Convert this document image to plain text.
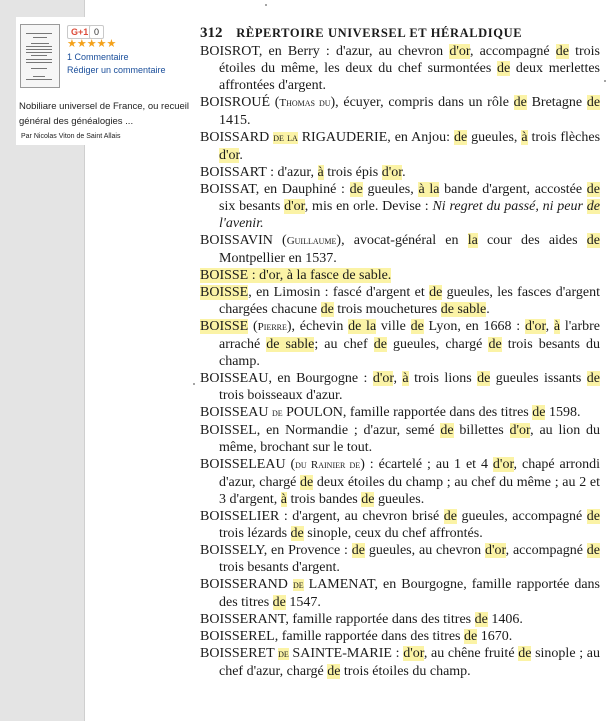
G+1 0
★★★★★
1 Commentaire
Rédiger un commentaire
Nobiliare universel de France, ou recueil général des généalogies ...
Par Nicolas Viton de Saint Allais
312 RÈPERTOIRE UNIVERSEL ET HÉRALDIQUE

BOISROT, en Berry : d'azur, au chevron d'or, accompagné de trois étoiles du même, les deux du chef surmontées de deux merlettes affrontées d'argent.

BOISROUÉ (Thomas du), écuyer, compris dans un rôle de Bretagne de 1415.

BOISSARD de la RIGAUDERIE, en Anjou: de gueules, à trois flèches d'or.

BOISSART : d'azur, à trois épis d'or.

BOISSAT, en Dauphiné : de gueules, à la bande d'argent, accostée de six besants d'or, mis en orle. Devise : Ni regret du passé, ni peur de l'avenir.

BOISSAVIN (Guillaume), avocat-général en la cour des aides de Montpellier en 1537.

BOISSE : d'or, à la fasce de sable.

BOISSE, en Limosin : fascé d'argent et de gueules, les fasces d'argent chargées chacune de trois mouchetures de sable.

BOISSE (Pierre), échevin de la ville de Lyon, en 1668 : d'or, à l'arbre arraché de sable; au chef de gueules, chargé de trois besants du champ.

BOISSEAU, en Bourgogne : d'or, à trois lions de gueules issants de trois boisseaux d'azur.

BOISSEAU de POULON, famille rapportée dans des titres de 1598.

BOISSEL, en Normandie ; d'azur, semé de billettes d'or, au lion du même, brochant sur le tout.

BOISSELEAU (du Rainier de) : écartelé ; au 1 et 4 d'or, chapé arrondi d'azur, chargé de deux étoiles du champ ; au chef du même ; au 2 et 3 d'argent, à trois bandes de gueules.

BOISSELIER : d'argent, au chevron brisé de gueules, accompagné de trois lézards de sinople, ceux du chef affrontés.

BOISSELY, en Provence : de gueules, au chevron d'or, accompagné de trois besants d'argent.

BOISSERAND de LAMENAT, en Bourgogne, famille rapportée dans des titres de 1547.

BOISSERANT, famille rapportée dans des titres de 1406.

BOISSEREL, famille rapportée dans des titres de 1670.

BOISSERET de SAINTE-MARIE : d'or, au chêne fruité de sinople ; au chef d'azur, chargé de trois étoiles du champ.
